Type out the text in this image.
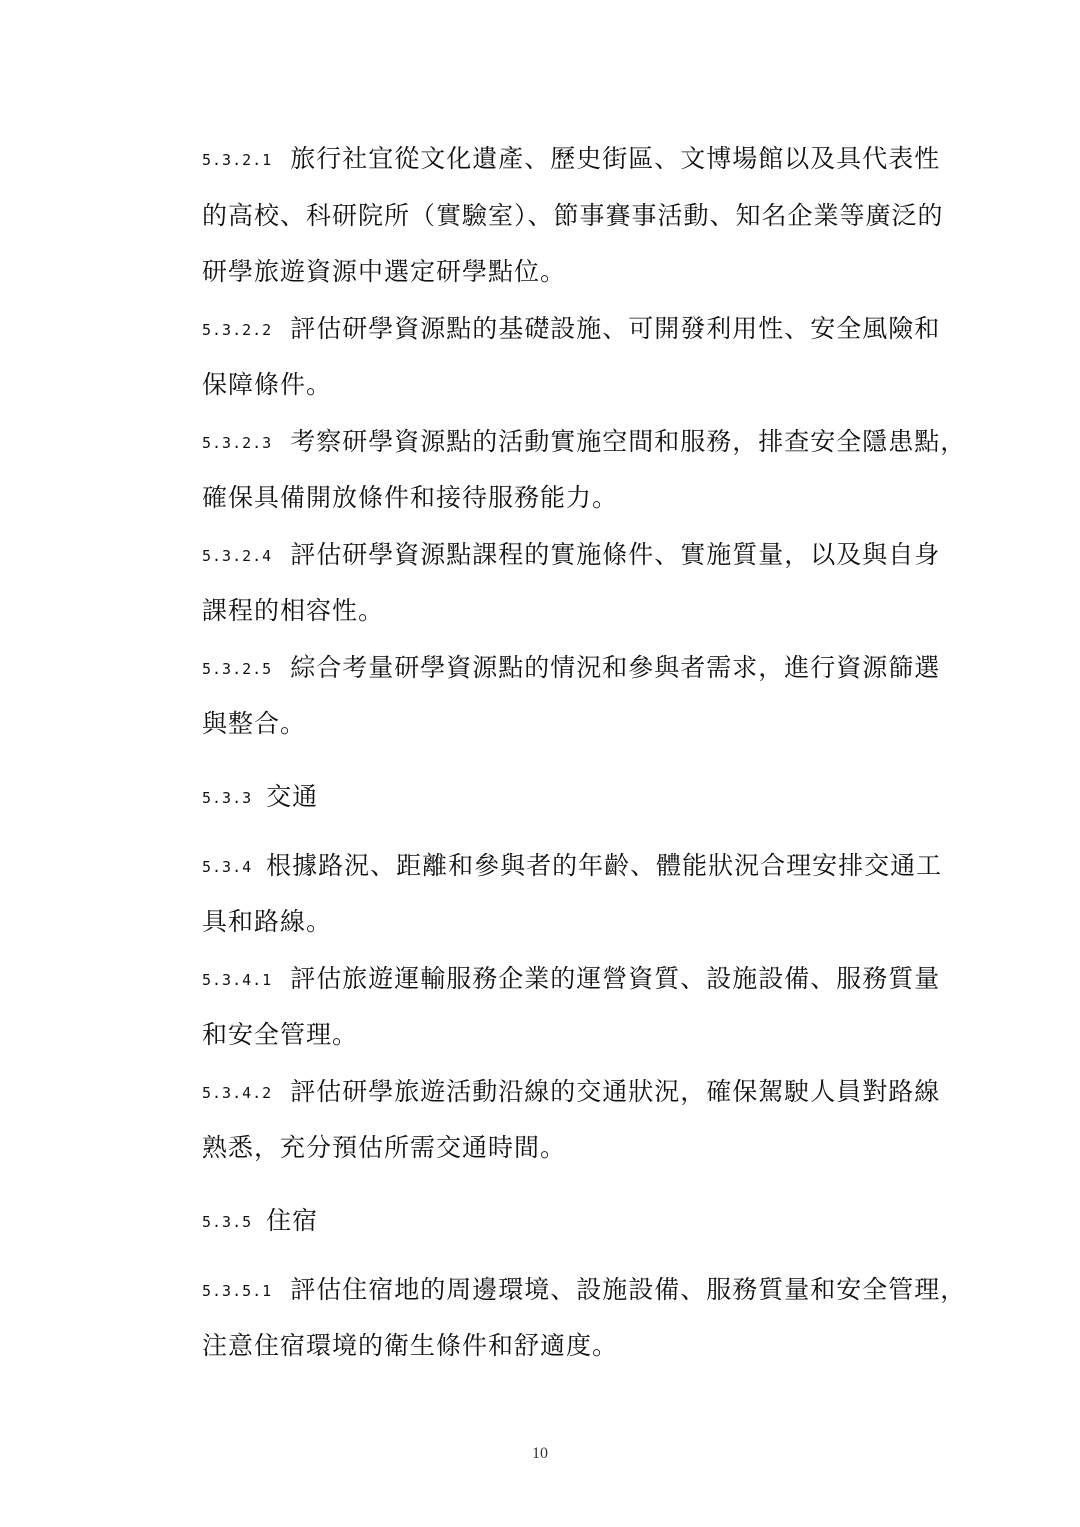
5.3.2.1 旅行社宜從文化遺產、歷史街區、文博場館以及具代表性
的高校、科研院所（實驗室）、節事賽事活動、知名企業等廣泛的
研學旅遊資源中選定研學點位。
5.3.2.2 評估研學資源點的基礎設施、可開發利用性、安全風險和
保障條件。
5.3.2.3 考察研學資源點的活動實施空間和服務，排查安全隱患點，
確保具備開放條件和接待服務能力。
5.3.2.4 評估研學資源點課程的實施條件、實施質量，以及與自身
課程的相容性。
5.3.2.5 綜合考量研學資源點的情況和參與者需求，進行資源篩選
與整合。
5.3.3 交通
5.3.4 根據路況、距離和參與者的年齡、體能狀況合理安排交通工
具和路線。
5.3.4.1 評估旅遊運輸服務企業的運營資質、設施設備、服務質量
和安全管理。
5.3.4.2 評估研學旅遊活動沿線的交通狀況，確保駕駛人員對路線
熟悉，充分預估所需交通時間。
5.3.5 住宿
5.3.5.1 評估住宿地的周邊環境、設施設備、服務質量和安全管理，
注意住宿環境的衛生條件和舒適度。
10
